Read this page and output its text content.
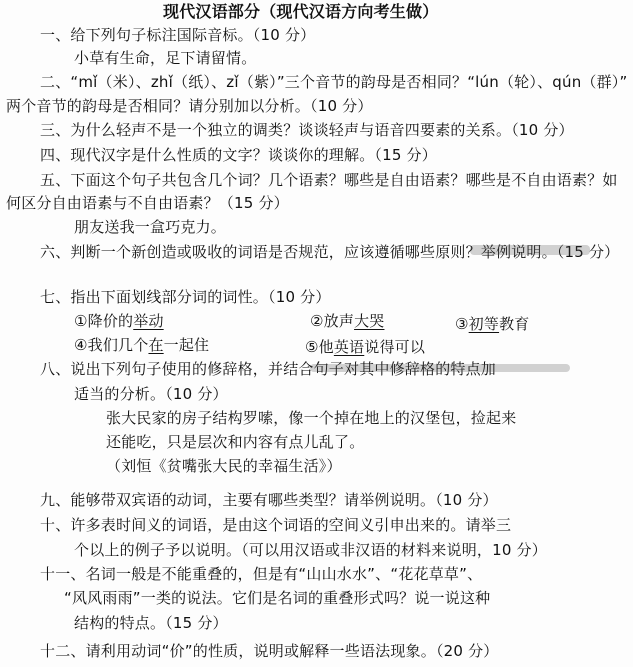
现代汉语部分（现代汉语方向考生做）
一、给下列句子标注国际音标。（10 分）
小草有生命，足下请留情。
二、“mǐ（米）、zhǐ（纸）、zǐ（紫）”三个音节的韵母是否相同？“lún（轮）、qún（群）”
两个音节的韵母是否相同？请分别加以分析。（10 分）
三、为什么轻声不是一个独立的调类？谈谈轻声与语音四要素的关系。（10 分）
四、现代汉字是什么性质的文字？谈谈你的理解。（15 分）
五、下面这个句子共包含几个词？几个语素？哪些是自由语素？哪些是不自由语素？如
何区分自由语素与不自由语素？（15 分）
朋友送我一盒巧克力。
六、判断一个新创造或吸收的词语是否规范，应该遵循哪些原则？举例说明。（15 分）
七、指出下面划线部分词的词性。（10 分）
①降价的举动	②放声大哭	③初等教育
④我们几个在一起住	⑤他英语说得可以
八、说出下列句子使用的修辞格，并结合句子对其中修辞格的特点加
适当的分析。（10 分）
张大民家的房子结构罗嗦，像一个掉在地上的汉堡包，捡起来
还能吃，只是层次和内容有点儿乱了。
（刘恒《贫嘴张大民的幸福生活》）
九、能够带双宾语的动词，主要有哪些类型？请举例说明。（10 分）
十、许多表时间义的词语，是由这个词语的空间义引申出来的。请举三
个以上的例子予以说明。（可以用汉语或非汉语的材料来说明，10 分）
十一、名词一般是不能重叠的，但是有“山山水水”、“花花草草”、
“风风雨雨”一类的说法。它们是名词的重叠形式吗？说一说这种
结构的特点。（15 分）
十二、请利用动词“价”的性质，说明或解释一些语法现象。（20 分）
